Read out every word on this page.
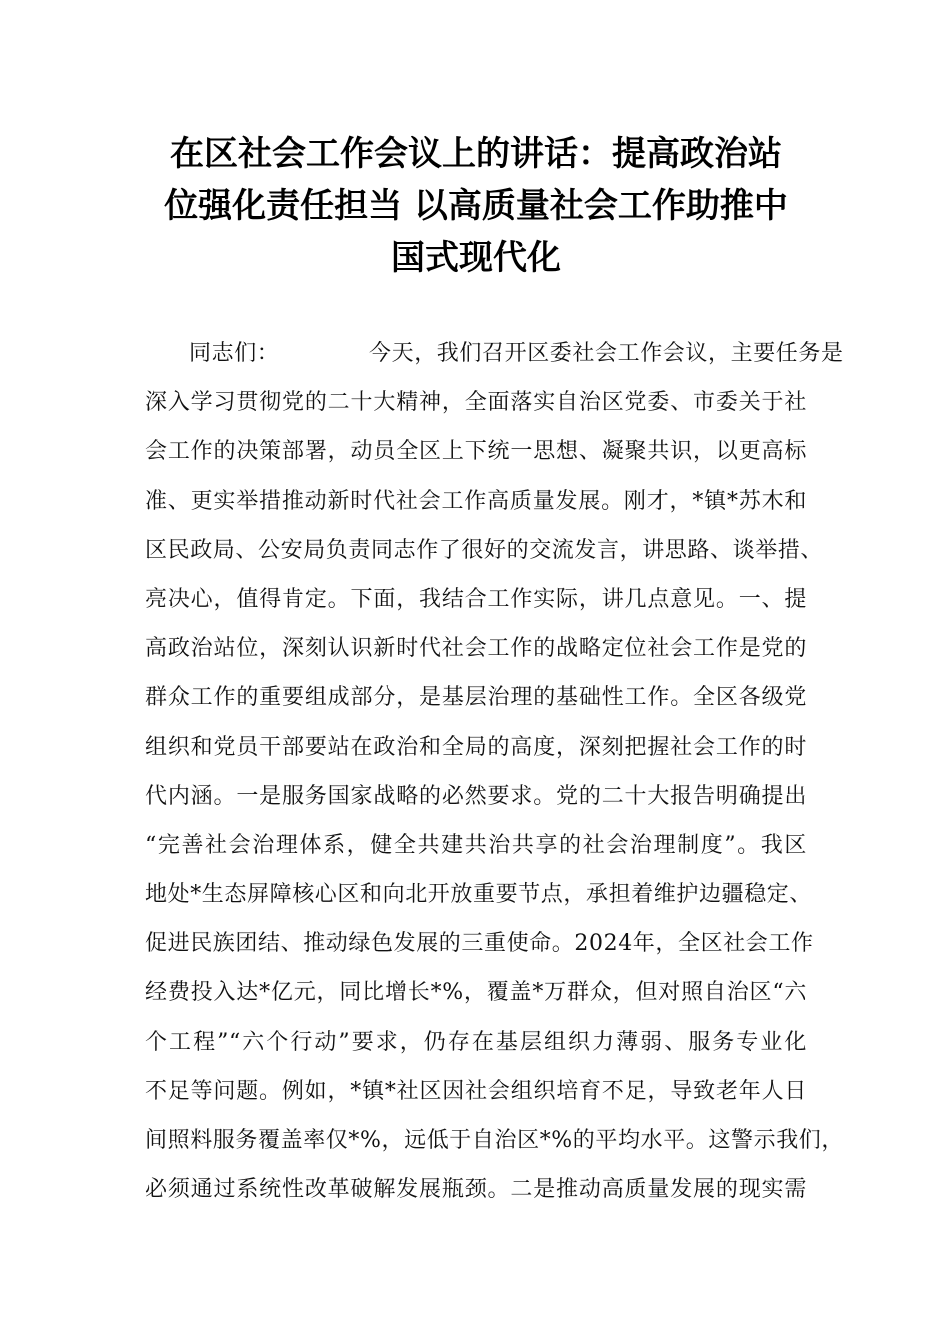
在区社会工作会议上的讲话：提高政治站
位强化责任担当 以高质量社会工作助推中
国式现代化
同志们：	今天，我们召开区委社会工作会议，主要任务是
深入学习贯彻党的二十大精神，全面落实自治区党委、市委关于社
会工作的决策部署，动员全区上下统一思想、凝聚共识，以更高标
准、更实举措推动新时代社会工作高质量发展。刚才，*镇*苏木和
区民政局、公安局负责同志作了很好的交流发言，讲思路、谈举措、
亮决心，值得肯定。下面，我结合工作实际，讲几点意见。一、提
高政治站位，深刻认识新时代社会工作的战略定位社会工作是党的
群众工作的重要组成部分，是基层治理的基础性工作。全区各级党
组织和党员干部要站在政治和全局的高度，深刻把握社会工作的时
代内涵。一是服务国家战略的必然要求。党的二十大报告明确提出
“完善社会治理体系，健全共建共治共享的社会治理制度”。我区
地处*生态屏障核心区和向北开放重要节点，承担着维护边疆稳定、
促进民族团结、推动绿色发展的三重使命。2024年，全区社会工作
经费投入达*亿元，同比增长*%，覆盖*万群众，但对照自治区“六
个工程”“六个行动”要求，仍存在基层组织力薄弱、服务专业化
不足等问题。例如，*镇*社区因社会组织培育不足，导致老年人日
间照料服务覆盖率仅*%，远低于自治区*%的平均水平。这警示我们，
必须通过系统性改革破解发展瓶颈。二是推动高质量发展的现实需
